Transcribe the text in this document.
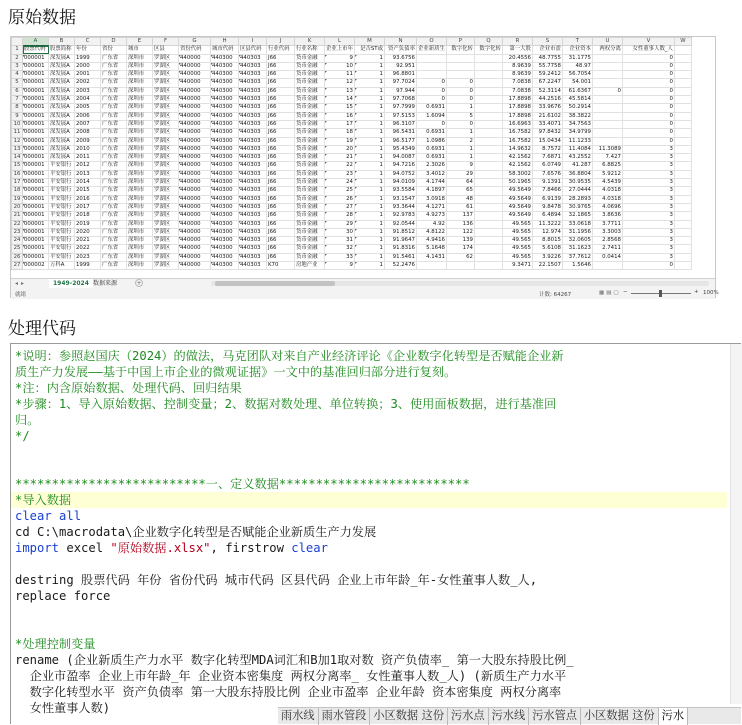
原始数据
	A	B	C	D	E	F	G	H	I	J	K	L	M	N	O	P	Q	R	S	T	U	V	W
1	股票代码	股票简称	年份	省份	城市	区县	省份代码	城市代码	区县代码	行业代码	行业名称	企业上市年	是否ST或	资产负债率	企业新质生	数字化转	数字化转	第一大股	企业市盈	企业资本	两权分离	女性董事人数_人	
2	000001	深发展A	1999	广东省	深圳市	罗湖区	440000	440300	440303	J66	货币金融	9	1	93.6756				20.4556	48.7755	31.1775		0	
3	000001	深发展A	2000	广东省	深圳市	罗湖区	440000	440300	440303	J66	货币金融	10	1	92.951				8.9639	55.7758	48.97		0	
4	000001	深发展A	2001	广东省	深圳市	罗湖区	440000	440300	440303	J66	货币金融	11	1	96.8801				8.9639	59.2412	56.7054		0	
5	000001	深发展A	2002	广东省	深圳市	罗湖区	440000	440300	440303	J66	货币金融	12	1	97.7024	0	0		7.0838	67.2247	54.001		0	
6	000001	深发展A	2003	广东省	深圳市	罗湖区	440000	440300	440303	J66	货币金融	13	1	97.944	0	0		7.0838	52.3114	61.6367	0	0	
7	000001	深发展A	2004	广东省	深圳市	罗湖区	440000	440300	440303	J66	货币金融	14	1	97.7068	0	0		17.8898	44.2516	45.5814		0	
8	000001	深发展A	2005	广东省	深圳市	罗湖区	440000	440300	440303	J66	货币金融	15	1	97.7999	0.6931	1		17.8898	33.9676	50.2914		0	
9	000001	深发展A	2006	广东省	深圳市	罗湖区	440000	440300	440303	J66	货币金融	16	1	97.5153	1.6094	5		17.8898	21.6102	38.3822		0	
10	000001	深发展A	2007	广东省	深圳市	罗湖区	440000	440300	440303	J66	货币金融	17	1	96.3107	0	0		16.6963	33.4071	34.7563		0	
11	000001	深发展A	2008	广东省	深圳市	罗湖区	440000	440300	440303	J66	货币金融	18	1	96.5431	0.6931	1		16.7582	97.8432	34.9799		0	
12	000001	深发展A	2009	广东省	深圳市	罗湖区	440000	440300	440303	J66	货币金融	19	1	96.5177	1.0986	2		16.7582	15.0434	11.1233		0	
13	000001	深发展A	2010	广东省	深圳市	罗湖区	440000	440300	440303	J66	货币金融	20	1	95.4349	0.6931	1		14.9632	8.7572	11.4084	11.3089	3	
14	000001	深发展A	2011	广东省	深圳市	罗湖区	440000	440300	440303	J66	货币金融	21	1	94.0087	0.6931	1		42.1562	7.6871	43.2552	7.427	3	
15	000001	平安银行	2012	广东省	深圳市	罗湖区	440000	440300	440303	J66	货币金融	22	1	94.7216	2.3026	9		42.1562	6.0749	41.287	6.8825	3	
16	000001	平安银行	2013	广东省	深圳市	罗湖区	440000	440300	440303	J66	货币金融	23	1	94.0752	3.4012	29		58.3002	7.6576	36.8804	5.9212	3	
17	000001	平安银行	2014	广东省	深圳市	罗湖区	440000	440300	440303	J66	货币金融	24	1	94.0109	4.1744	64		50.1965	9.1391	30.9535	4.5439	3	
18	000001	平安银行	2015	广东省	深圳市	罗湖区	440000	440300	440303	J66	货币金融	25	1	93.5584	4.1897	65		49.5649	7.8466	27.0444	4.0318	3	
19	000001	平安银行	2016	广东省	深圳市	罗湖区	440000	440300	440303	J66	货币金融	26	1	93.1547	3.0918	48		49.5649	6.9139	28.2893	4.0318	3	
20	000001	平安银行	2017	广东省	深圳市	罗湖区	440000	440300	440303	J66	货币金融	27	1	93.3644	4.1271	61		49.5649	9.8478	30.9765	4.0696	3	
21	000001	平安银行	2018	广东省	深圳市	罗湖区	440000	440300	440303	J66	货币金融	28	1	92.9783	4.9273	137		49.5649	6.4894	32.1865	3.8636	3	
22	000001	平安银行	2019	广东省	深圳市	罗湖区	440000	440300	440303	J66	货币金融	29	1	92.0544	4.92	136		49.565	11.3222	33.0618	3.7711	3	
23	000001	平安银行	2020	广东省	深圳市	罗湖区	440000	440300	440303	J66	货币金融	30	1	91.8512	4.8122	122		49.565	12.974	31.1956	3.3003	3	
24	000001	平安银行	2021	广东省	深圳市	罗湖区	440000	440300	440303	J66	货币金融	31	1	91.9647	4.9416	139		49.565	8.8015	32.0605	2.8568	3	
25	000001	平安银行	2022	广东省	深圳市	罗湖区	440000	440300	440303	J66	货币金融	32	1	91.8316	5.1648	174		49.565	5.6108	31.1623	2.7411	3	
26	000001	平安银行	2023	广东省	深圳市	罗湖区	440000	440300	440303	J66	货币金融	33	1	91.5461	4.1431	62		49.565	3.9226	37.7612	0.0414	3	
27	000002	万科A	1999	广东省	深圳市	罗湖区	440000	440300	440303	K70	房地产业	9	1	52.2476				9.3471	22.1507	1.5646		0	
◂▸	1949-2024 数据来源	+
就绪	计数: 64267	▦▤▢ −	+ 100%
处理代码
*说明：参照赵国庆（2024）的做法，马克团队对来自产业经济评论《企业数字化转型是否赋能企业新
质生产力发展——基于中国上市企业的微观证据》一文中的基准回归部分进行复刻。
*注：内含原始数据、处理代码、回归结果
*步骤：1、导入原始数据、控制变量；2、数据对数处理、单位转换；3、使用面板数据，进行基准回
归。
*/
**************************一、定义数据**************************
*导入数据
clear all
cd C:\macrodata\企业数字化转型是否赋能企业新质生产力发展
import excel "原始数据.xlsx", firstrow clear
destring 股票代码 年份 省份代码 城市代码 区县代码 企业上市年龄_年-女性董事人数_人,
replace force
*处理控制变量
rename (企业新质生产力水平 数字化转型MDA词汇和B加1取对数 资产负债率_ 第一大股东持股比例_
企业市盈率 企业上市年龄_年 企业资本密集度 两权分离率_ 女性董事人数_人) (新质生产力水平
数字化转型水平 资产负债率 第一大股东持股比例 企业市盈率 企业年龄 资本密集度 两权分离率
女性董事人数)
雨水线 雨水管段 小区数据 这份 污水点 污水线 污水管点 小区数据 这份 污水
